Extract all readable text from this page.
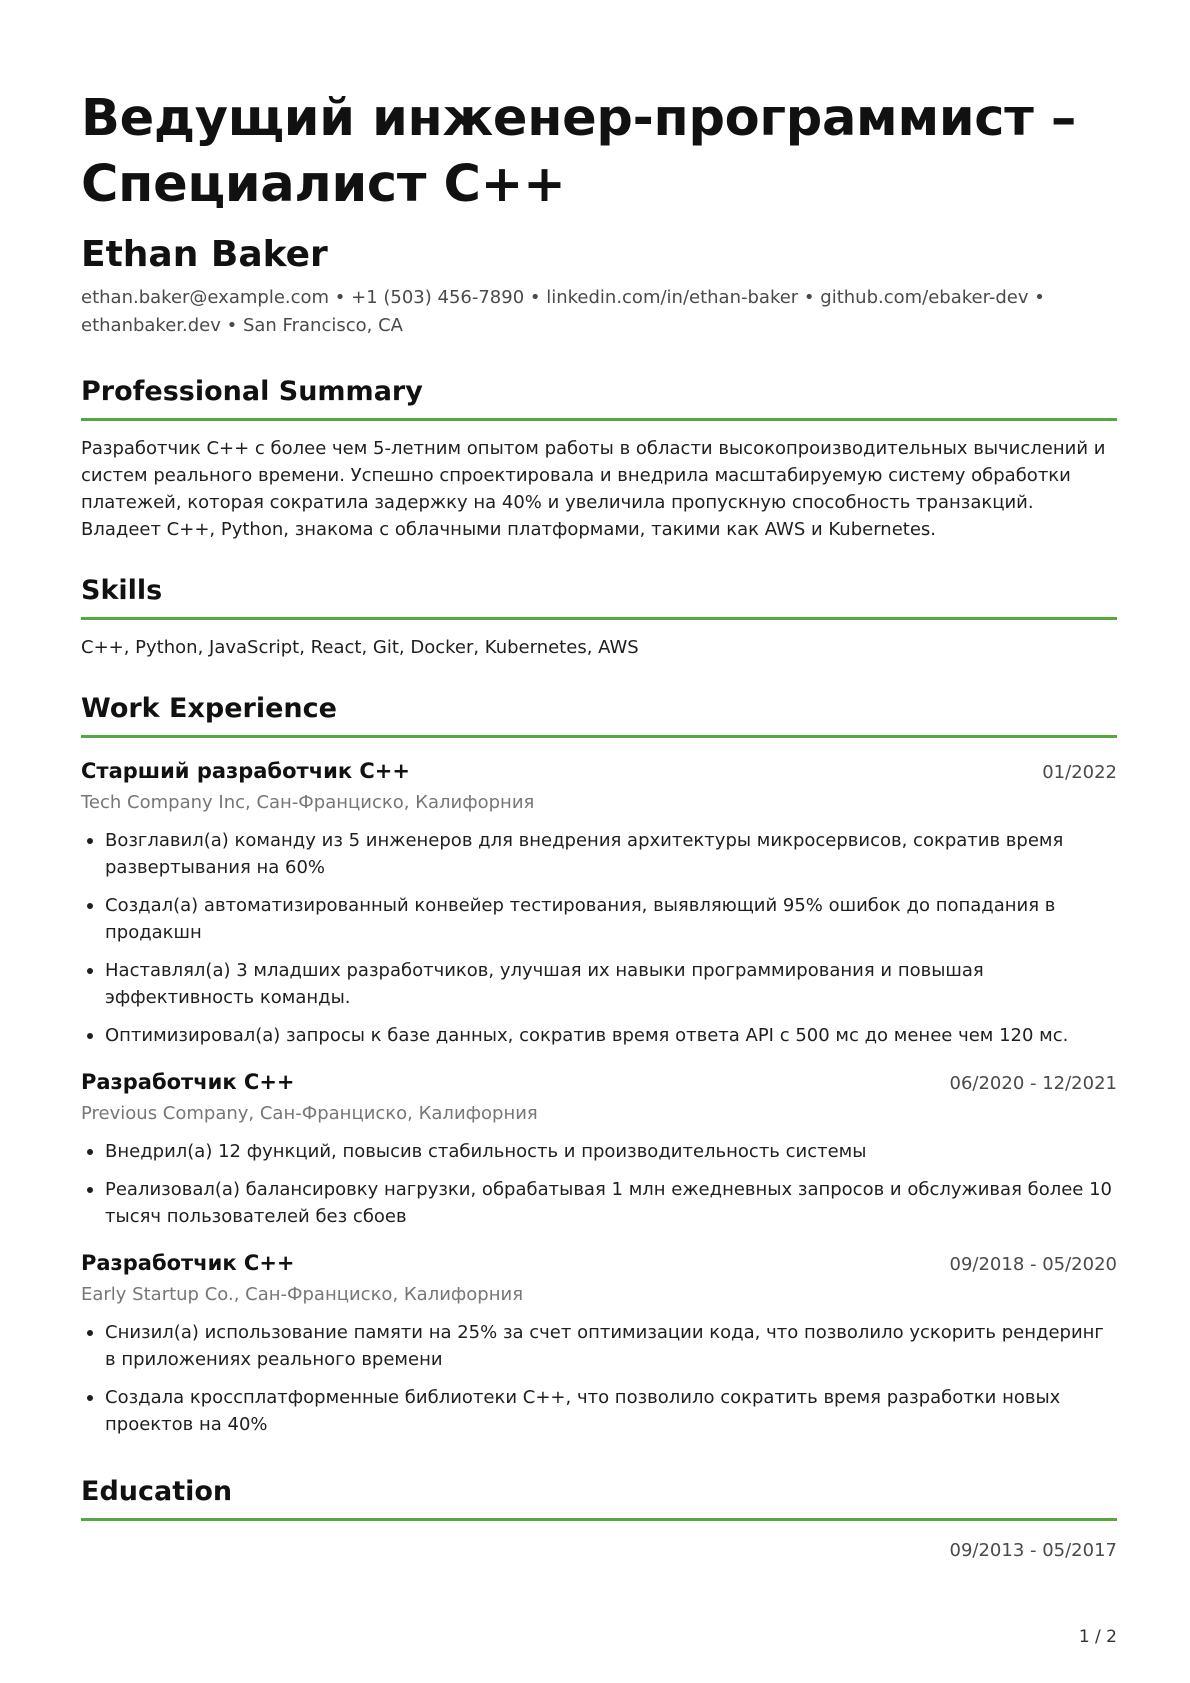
Ведущий инженер-программист –
Специалист C++
Ethan Baker
ethan.baker@example.com • +1 (503) 456-7890 • linkedin.com/in/ethan-baker • github.com/ebaker-dev •
ethanbaker.dev • San Francisco, CA
Professional Summary
Разработчик C++ с более чем 5-летним опытом работы в области высокопроизводительных вычислений и систем реального времени. Успешно спроектировала и внедрила масштабируемую систему обработки платежей, которая сократила задержку на 40% и увеличила пропускную способность транзакций. Владеет C++, Python, знакома с облачными платформами, такими как AWS и Kubernetes.
Skills
C++, Python, JavaScript, React, Git, Docker, Kubernetes, AWS
Work Experience
Старший разработчик C++	01/2022
Tech Company Inc, Сан-Франциско, Калифорния
Возглавил(а) команду из 5 инженеров для внедрения архитектуры микросервисов, сократив время развертывания на 60%
Создал(а) автоматизированный конвейер тестирования, выявляющий 95% ошибок до попадания в продакшн
Наставлял(а) 3 младших разработчиков, улучшая их навыки программирования и повышая эффективность команды.
Оптимизировал(а) запросы к базе данных, сократив время ответа API с 500 мс до менее чем 120 мс.
Разработчик C++	06/2020 - 12/2021
Previous Company, Сан-Франциско, Калифорния
Внедрил(а) 12 функций, повысив стабильность и производительность системы
Реализовал(а) балансировку нагрузки, обрабатывая 1 млн ежедневных запросов и обслуживая более 10 тысяч пользователей без сбоев
Разработчик C++	09/2018 - 05/2020
Early Startup Co., Сан-Франциско, Калифорния
Снизил(а) использование памяти на 25% за счет оптимизации кода, что позволило ускорить рендеринг в приложениях реального времени
Создала кроссплатформенные библиотеки C++, что позволило сократить время разработки новых проектов на 40%
Education
09/2013 - 05/2017
1 / 2
